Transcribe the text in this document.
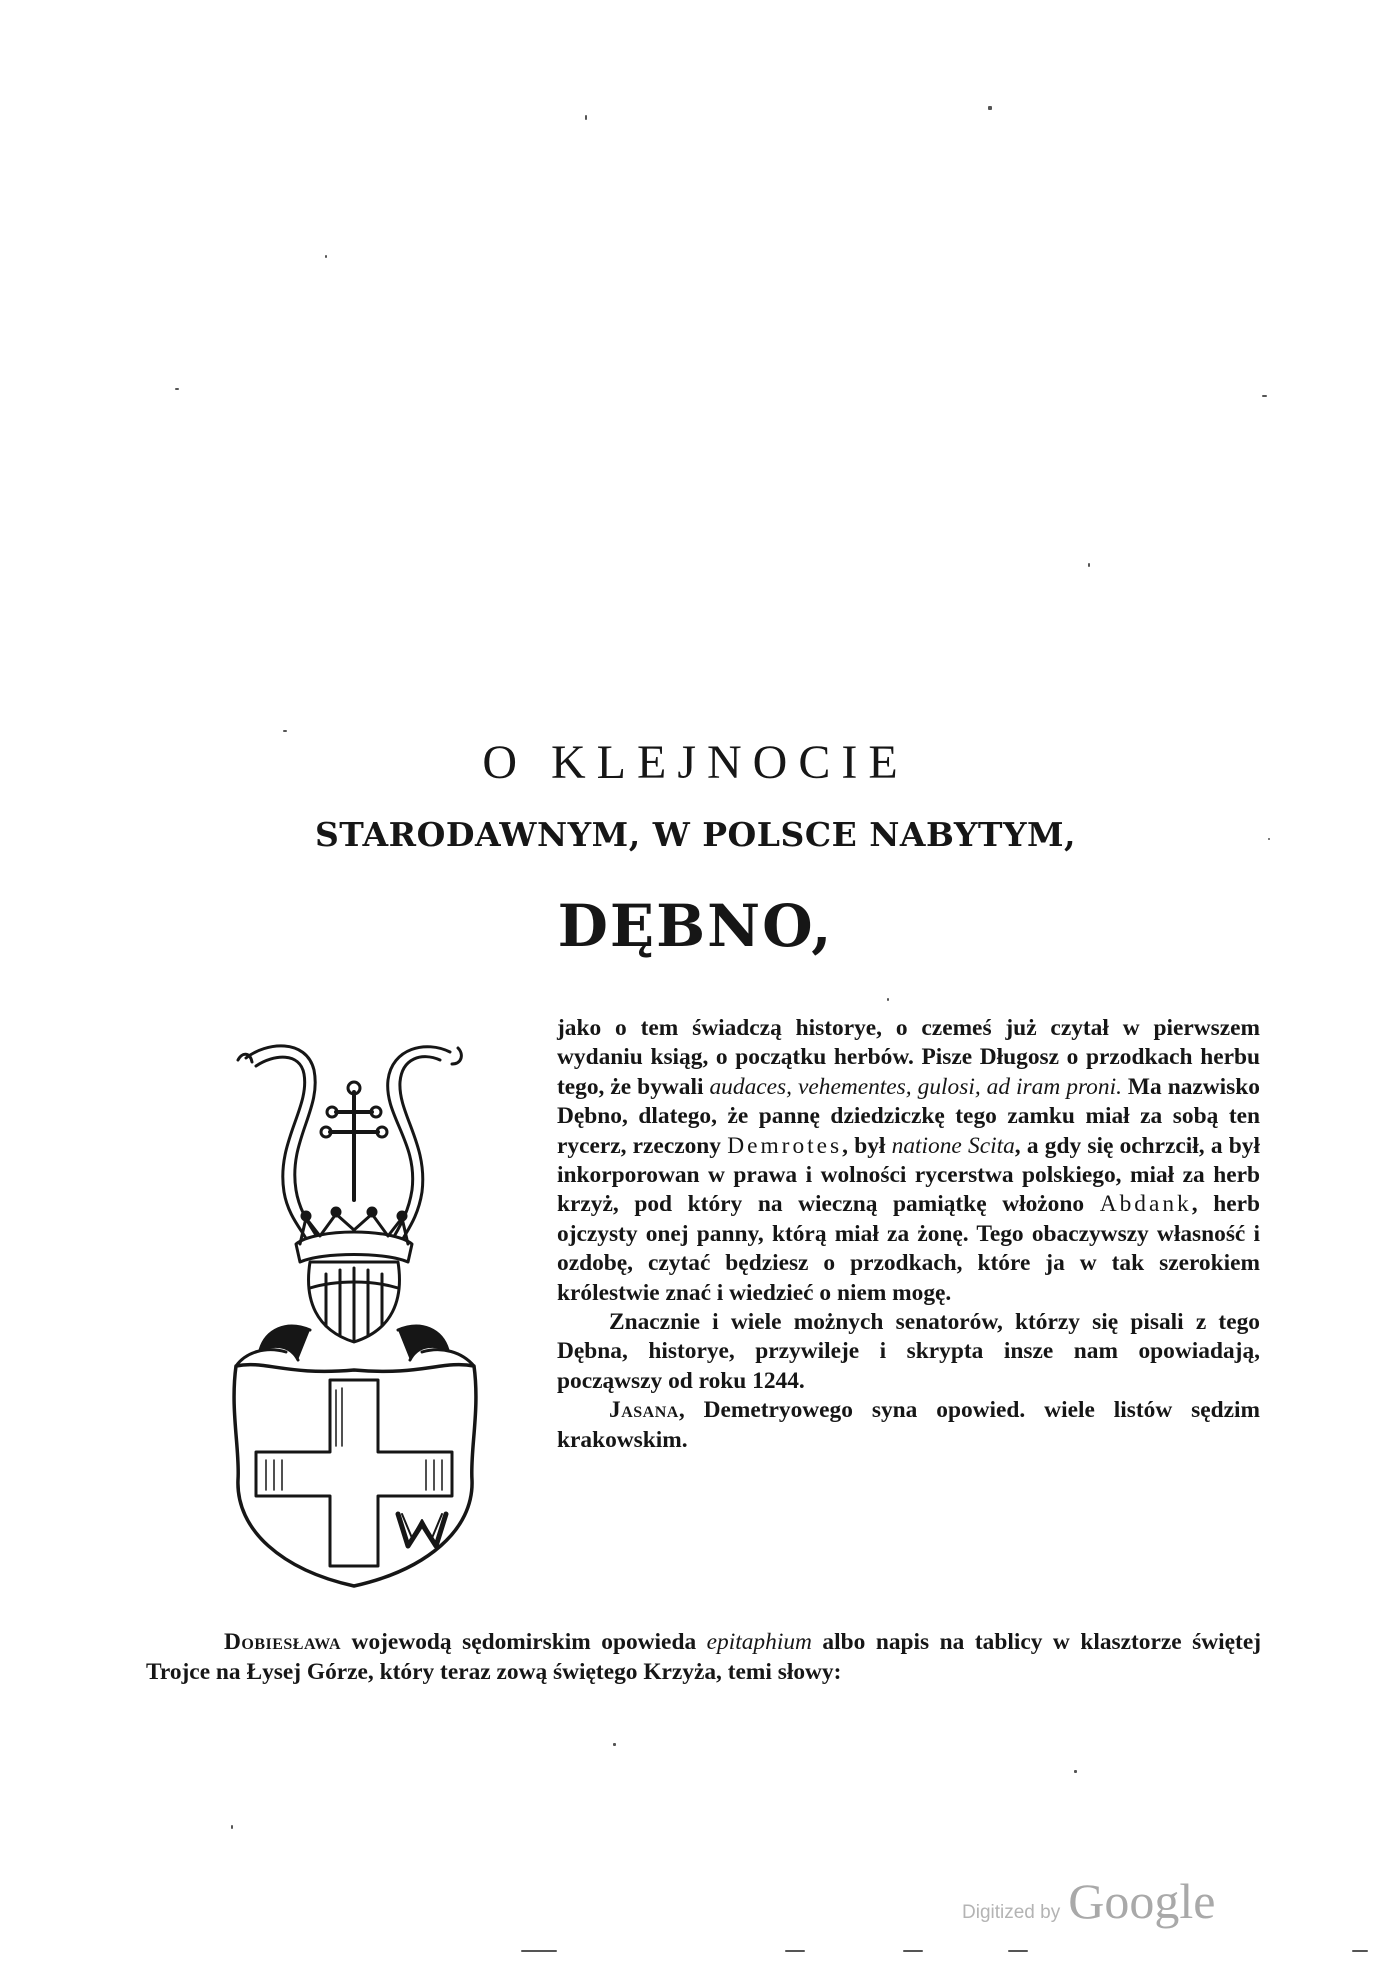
O KLEJNOCIE
STARODAWNYM, W POLSCE NABYTYM,
DĘBNO,

jako o tem świadczą historye, o czemeś już czytał w pierwszem wydaniu ksiąg, o początku herbów. Pisze Długosz o przodkach herbu tego, że bywali audaces, vehementes, gulosi, ad iram proni. Ma nazwisko Dębno, dlatego, że pannę dziedziczkę tego zamku miał za sobą ten rycerz, rzeczony Demrotes, był natione Scita, a gdy się ochrzcił, a był inkorporowan w prawa i wolności rycerstwa polskiego, miał za herb krzyż, pod który na wieczną pamiątkę włożono Abdank, herb ojczysty onej panny, którą miał za żonę. Tego obaczywszy własność i ozdobę, czytać będziesz o przodkach, które ja w tak szerokiem królestwie znać i wiedzieć o niem mogę.

Znacznie i wiele możnych senatorów, którzy się pisali z tego Dębna, historye, przywileje i skrypta insze nam opowiadają, począwszy od roku 1244.

Jasana, Demetryowego syna opowied. wiele listów sędzim krakowskim.

Dobiesława wojewodą sędomirskim opowieda epitaphium albo napis na tablicy w klasztorze świętej Trojce na Łysej Górze, który teraz zową świętego Krzyża, temi słowy:

Digitized by Google
